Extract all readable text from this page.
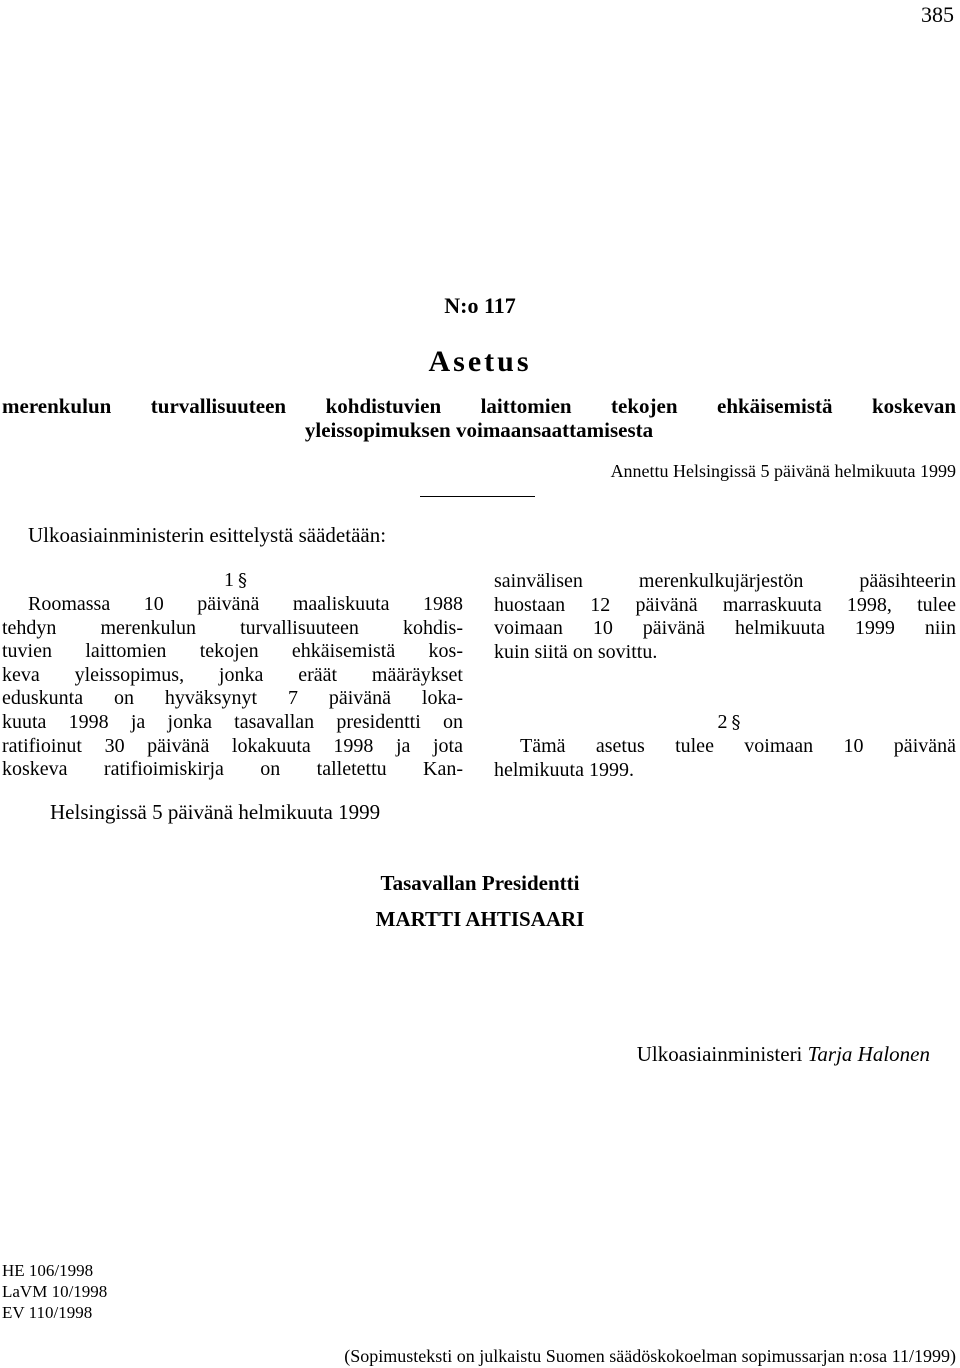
385
N:o 117
Asetus
merenkulun turvallisuuteen kohdistuvien laittomien tekojen ehkäisemistä koskevan
yleissopimuksen voimaansaattamisesta
Annettu Helsingissä 5 päivänä helmikuuta 1999
Ulkoasiainministerin esittelystä säädetään:
1 §
Roomassa 10 päivänä maaliskuuta 1988
tehdyn merenkulun turvallisuuteen kohdis-
tuvien laittomien tekojen ehkäisemistä kos-
keva yleissopimus, jonka eräät määräykset
eduskunta on hyväksynyt 7 päivänä loka-
kuuta 1998 ja jonka tasavallan presidentti on
ratifioinut 30 päivänä lokakuuta 1998 ja jota
koskeva ratifioimiskirja on talletettu Kan-
sainvälisen merenkulkujärjestön pääsihteerin
huostaan 12 päivänä marraskuuta 1998, tulee
voimaan 10 päivänä helmikuuta 1999 niin
kuin siitä on sovittu.
2 §
Tämä asetus tulee voimaan 10 päivänä
helmikuuta 1999.
Helsingissä 5 päivänä helmikuuta 1999
Tasavallan Presidentti
MARTTI AHTISAARI
Ulkoasiainministeri Tarja Halonen
HE 106/1998
LaVM 10/1998
EV 110/1998
(Sopimusteksti on julkaistu Suomen säädöskokoelman sopimussarjan n:osa 11/1999)
